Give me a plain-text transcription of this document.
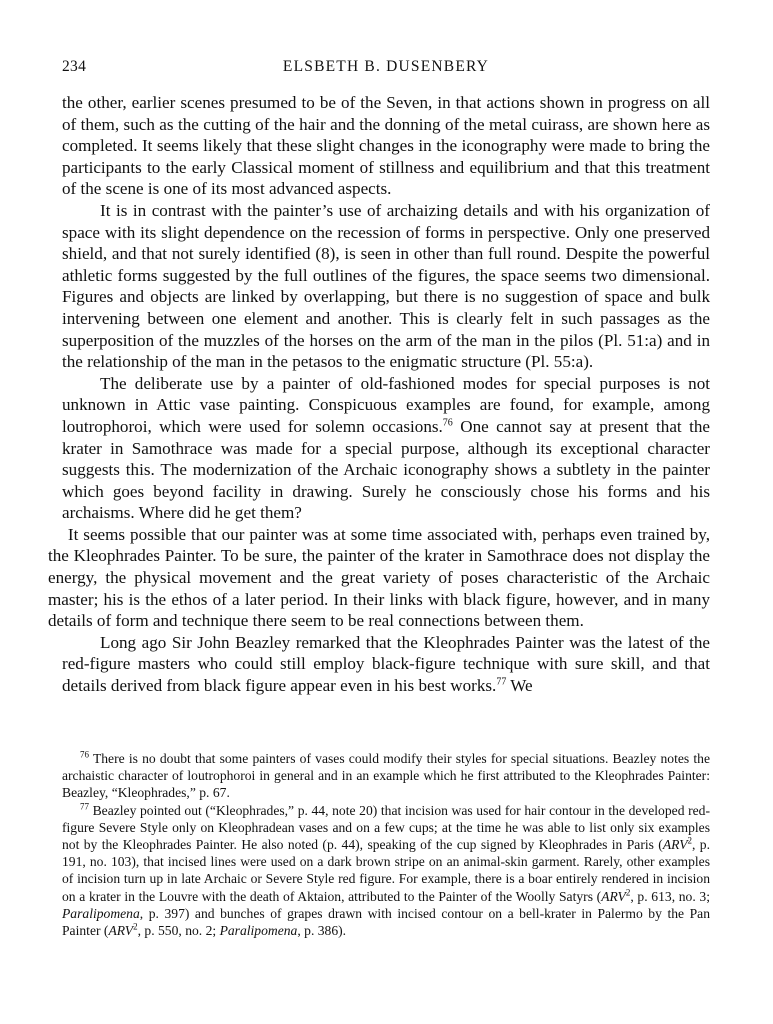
234	ELSBETH B. DUSENBERY

the other, earlier scenes presumed to be of the Seven, in that actions shown in progress on all of them, such as the cutting of the hair and the donning of the metal cuirass, are shown here as completed. It seems likely that these slight changes in the iconography were made to bring the participants to the early Classical moment of stillness and equilibrium and that this treatment of the scene is one of its most advanced aspects.

It is in contrast with the painter’s use of archaizing details and with his organization of space with its slight dependence on the recession of forms in perspective. Only one preserved shield, and that not surely identified (8), is seen in other than full round. Despite the powerful athletic forms suggested by the full outlines of the figures, the space seems two dimensional. Figures and objects are linked by overlapping, but there is no suggestion of space and bulk intervening between one element and another. This is clearly felt in such passages as the superposition of the muzzles of the horses on the arm of the man in the pilos (Pl. 51:a) and in the relationship of the man in the petasos to the enigmatic structure (Pl. 55:a).

The deliberate use by a painter of old-fashioned modes for special purposes is not unknown in Attic vase painting. Conspicuous examples are found, for example, among loutrophoroi, which were used for solemn occasions.$^{76}$ One cannot say at present that the krater in Samothrace was made for a special purpose, although its exceptional character suggests this. The modernization of the Archaic iconography shows a subtlety in the painter which goes beyond facility in drawing. Surely he consciously chose his forms and his archaisms. Where did he get them?

It seems possible that our painter was at some time associated with, perhaps even trained by, the Kleophrades Painter. To be sure, the painter of the krater in Samothrace does not display the energy, the physical movement and the great variety of poses characteristic of the Archaic master; his is the ethos of a later period. In their links with black figure, however, and in many details of form and technique there seem to be real connections between them.

Long ago Sir John Beazley remarked that the Kleophrades Painter was the latest of the red-figure masters who could still employ black-figure technique with sure skill, and that details derived from black figure appear even in his best works.$^{77}$ We

$^{76}$ There is no doubt that some painters of vases could modify their styles for special situations. Beazley notes the archaistic character of loutrophoroi in general and in an example which he first attributed to the Kleophrades Painter: Beazley, “Kleophrades,” p. 67.

$^{77}$ Beazley pointed out (“Kleophrades,” p. 44, note 20) that incision was used for hair contour in the developed red-figure Severe Style only on Kleophradean vases and on a few cups; at the time he was able to list only six examples not by the Kleophrades Painter. He also noted (p. 44), speaking of the cup signed by Kleophrades in Paris (ARV$^2$, p. 191, no. 103), that incised lines were used on a dark brown stripe on an animal-skin garment. Rarely, other examples of incision turn up in late Archaic or Severe Style red figure. For example, there is a boar entirely rendered in incision on a krater in the Louvre with the death of Aktaion, attributed to the Painter of the Woolly Satyrs (ARV$^2$, p. 613, no. 3; Paralipomena, p. 397) and bunches of grapes drawn with incised contour on a bell-krater in Palermo by the Pan Painter (ARV$^2$, p. 550, no. 2; Paralipomena, p. 386).
